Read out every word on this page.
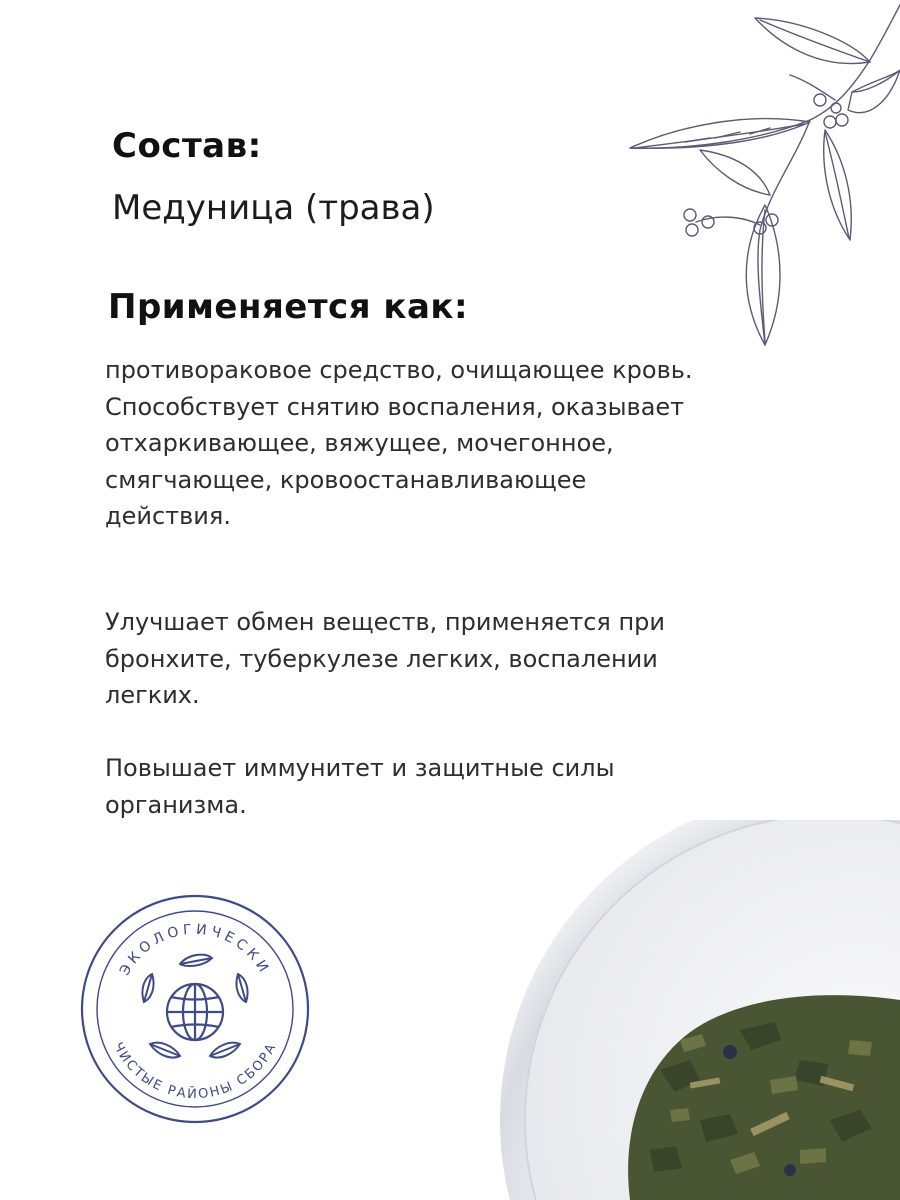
Состав:

Медуница (трава)

Применяется как:

противораковое средство, очищающее кровь.
Способствует снятию воспаления, оказывает отхаркивающее, вяжущее, мочегонное, смягчающее, кровоостанавливающее действия.

Улучшает обмен веществ, применяется при бронхите, туберкулезе легких, воспалении легких.

Повышает иммунитет и защитные силы организма.

ЭКОЛОГИЧЕСКИ
ЧИСТЫЕ РАЙОНЫ СБОРА
